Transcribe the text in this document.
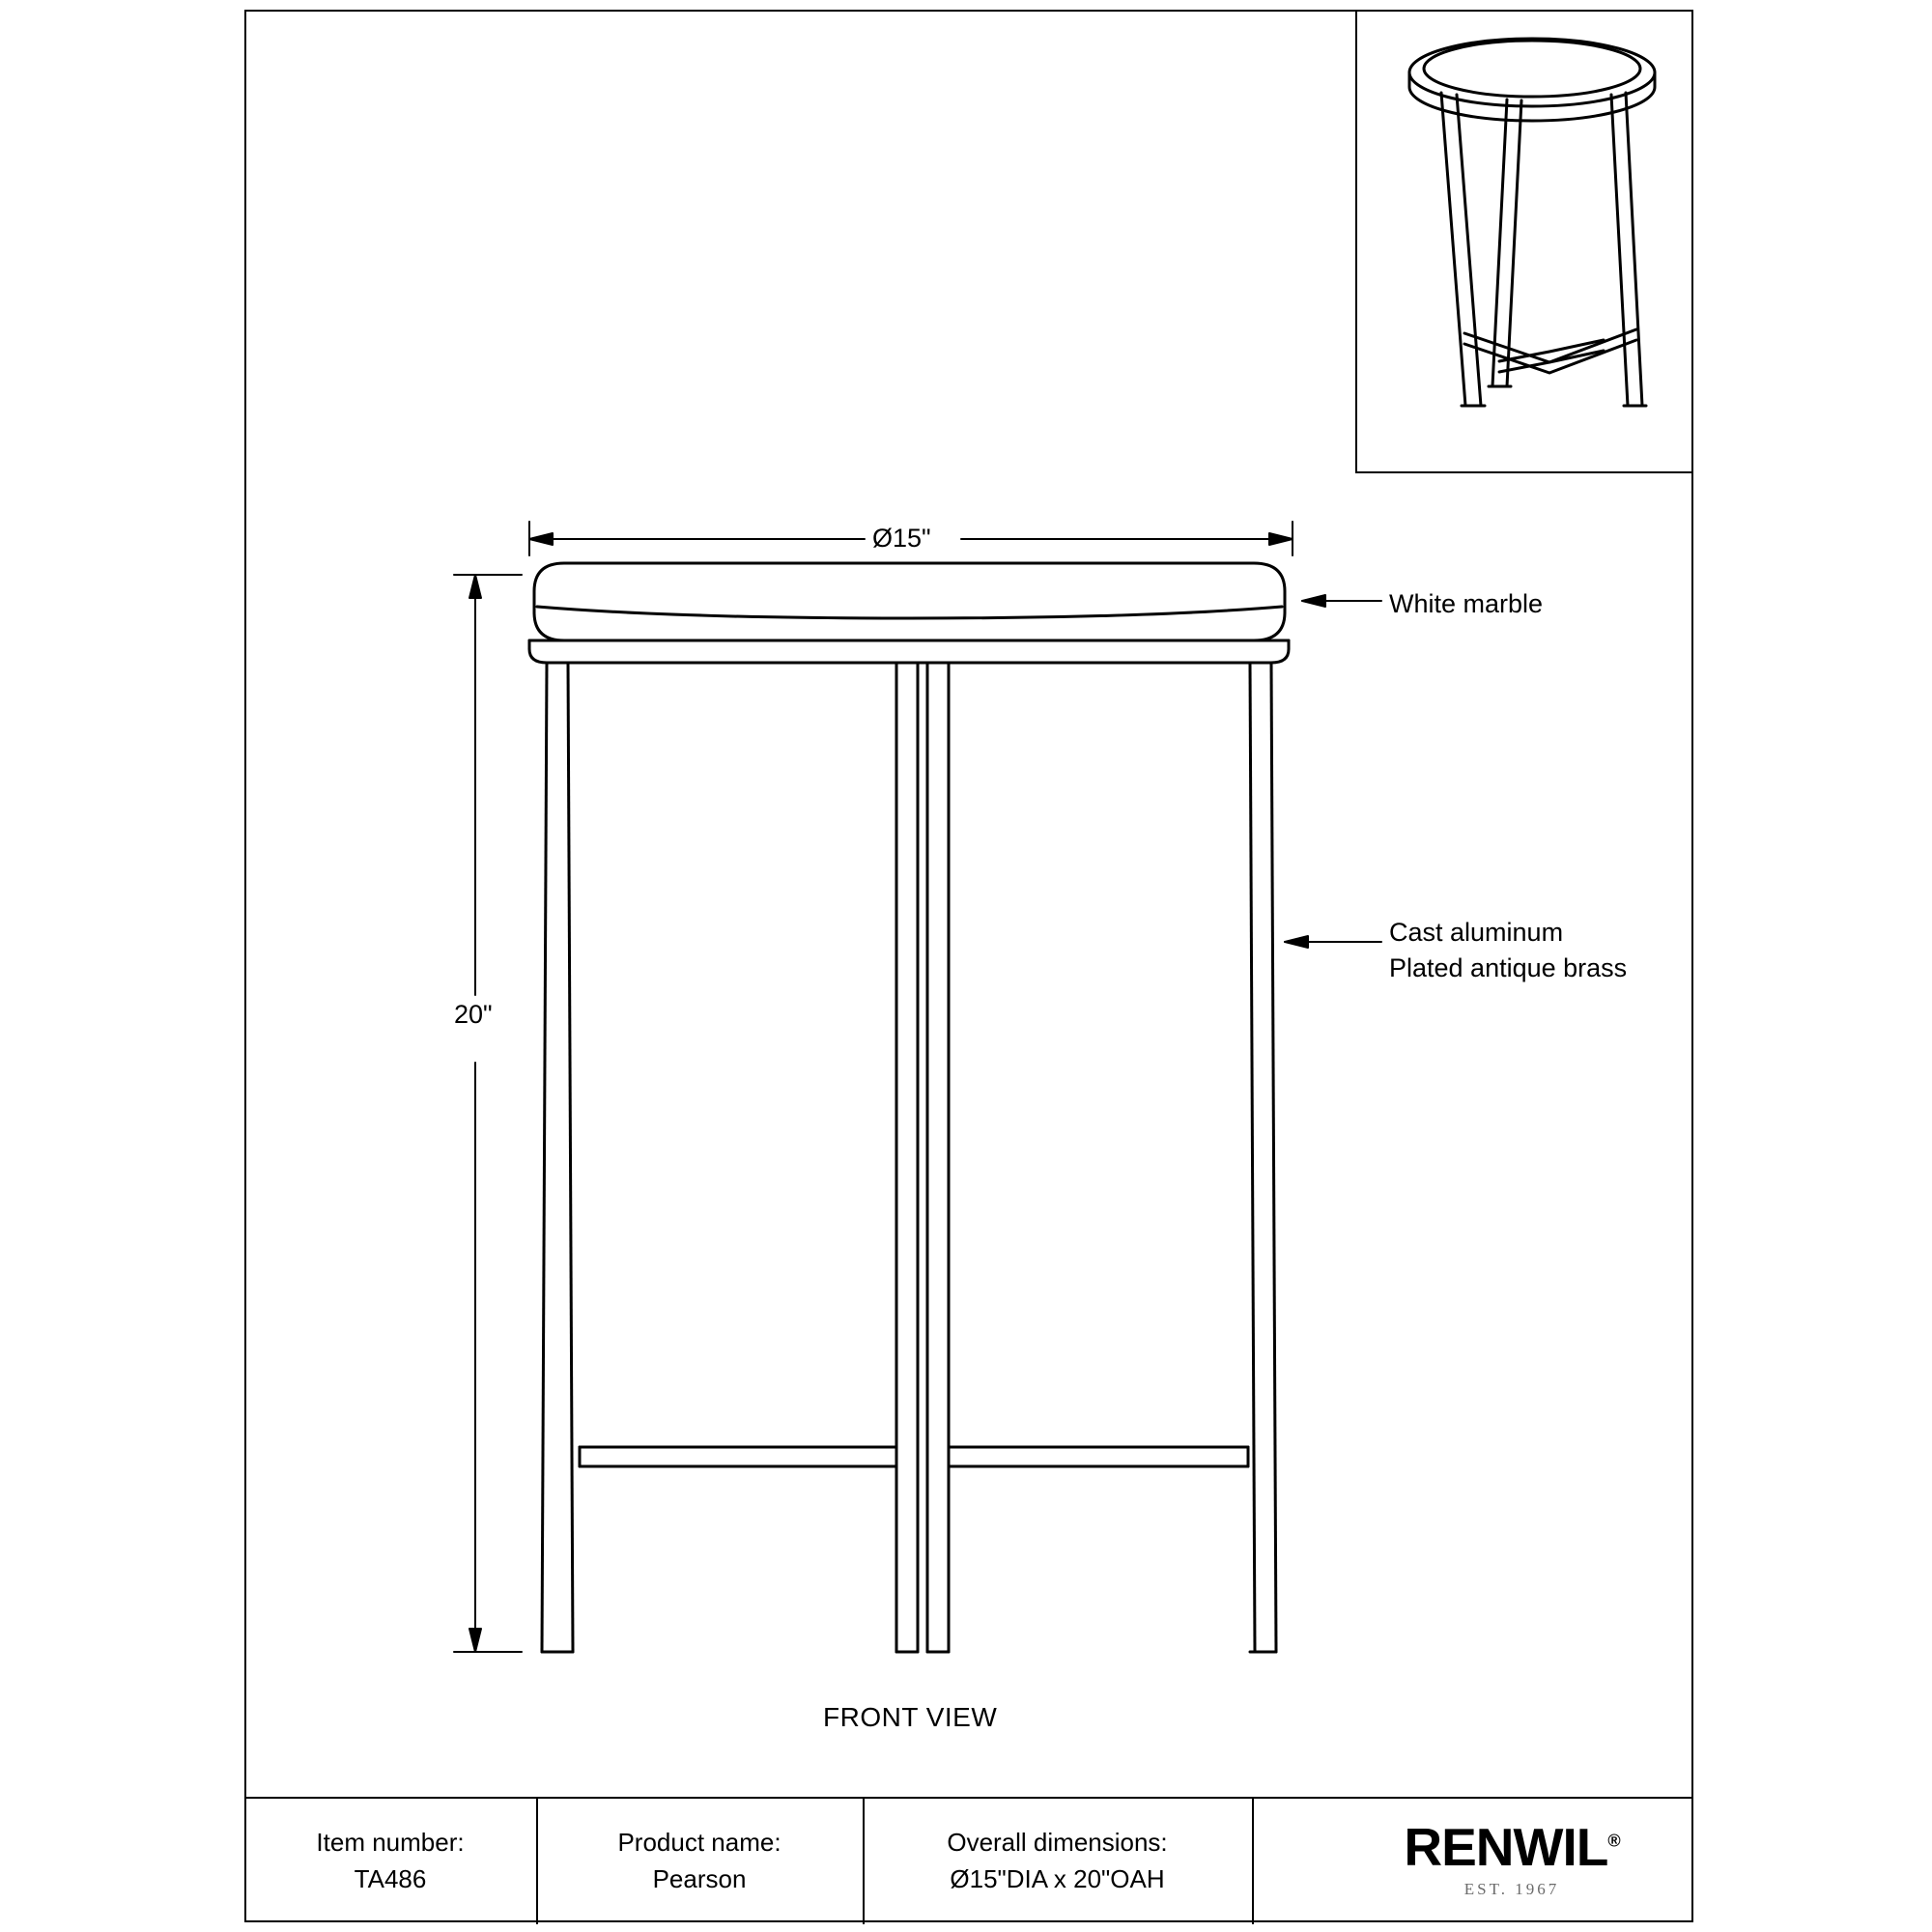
Ø15"
20"
White marble
Cast aluminum
Plated antique brass
FRONT VIEW
Item number:
TA486
Product name:
Pearson
Overall dimensions:
Ø15"DIA x 20"OAH
RENWIL®
EST. 1967
